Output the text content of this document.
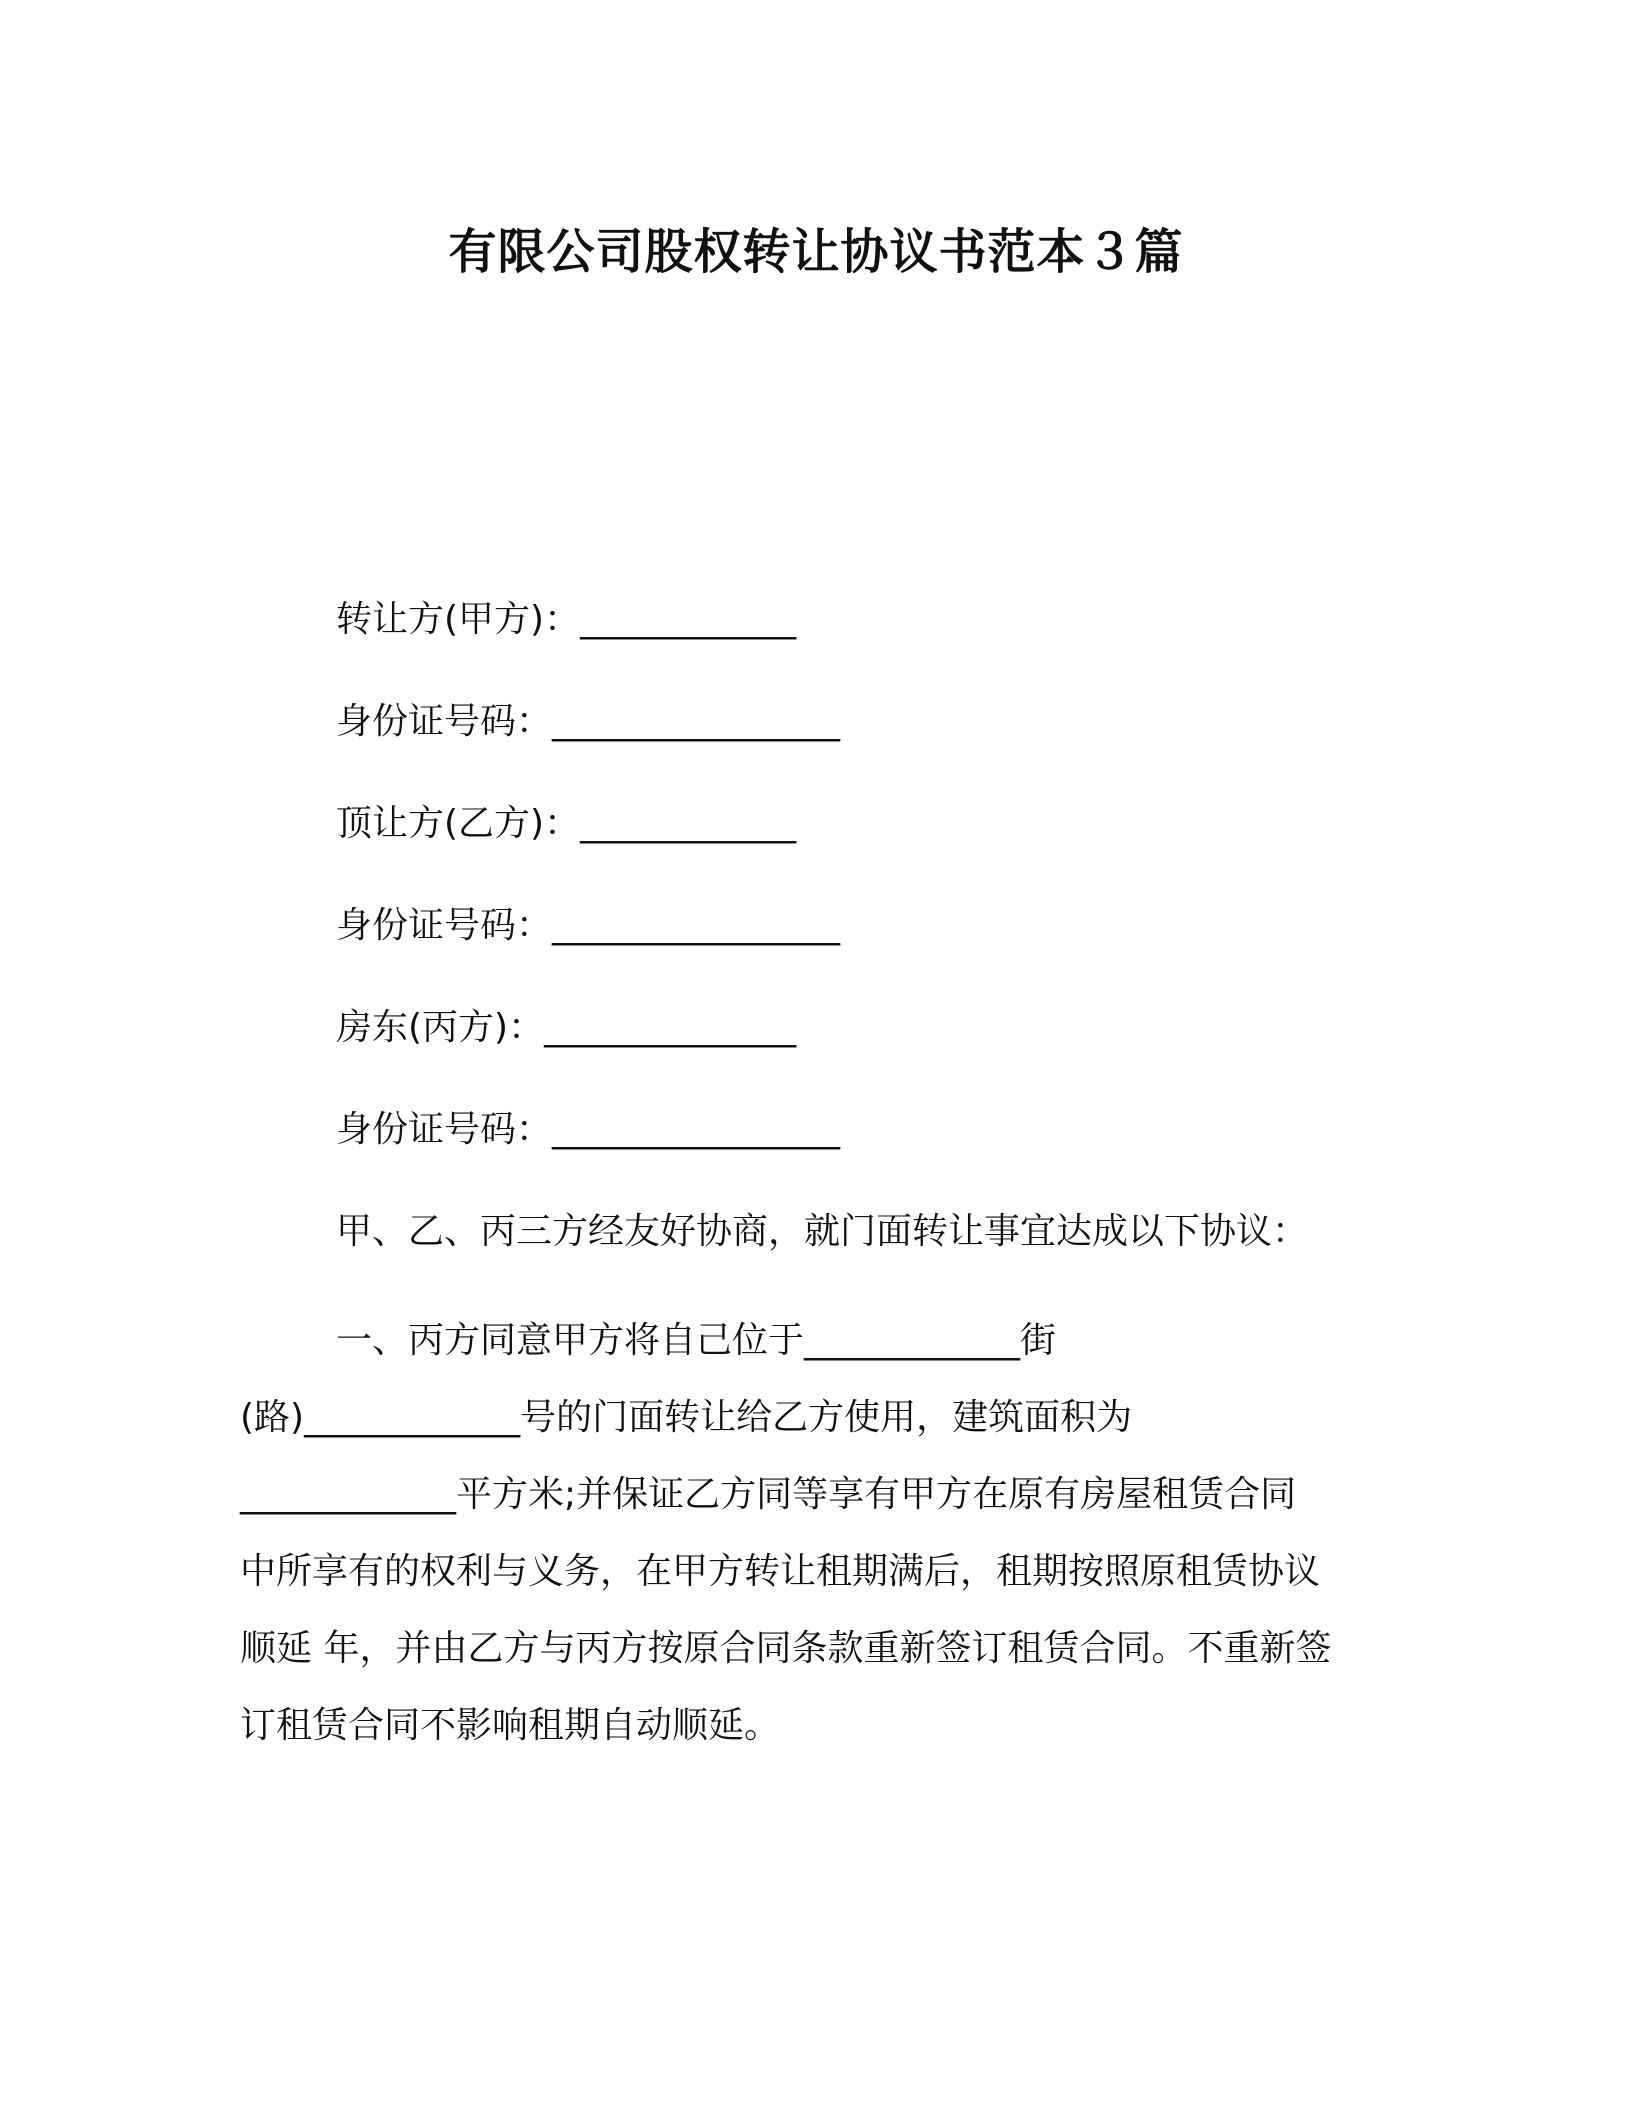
有限公司股权转让协议书范本３篇
转让方(甲方)：____________
身份证号码：________________
顶让方(乙方)：____________
身份证号码：________________
房东(丙方)：______________
身份证号码：________________
甲、乙、丙三方经友好协商，就门面转让事宜达成以下协议：
一、丙方同意甲方将自己位于____________街
(路)____________号的门面转让给乙方使用，建筑面积为
____________平方米;并保证乙方同等享有甲方在原有房屋租赁合同
中所享有的权利与义务，在甲方转让租期满后，租期按照原租赁协议
顺延 年，并由乙方与丙方按原合同条款重新签订租赁合同。不重新签
订租赁合同不影响租期自动顺延。
